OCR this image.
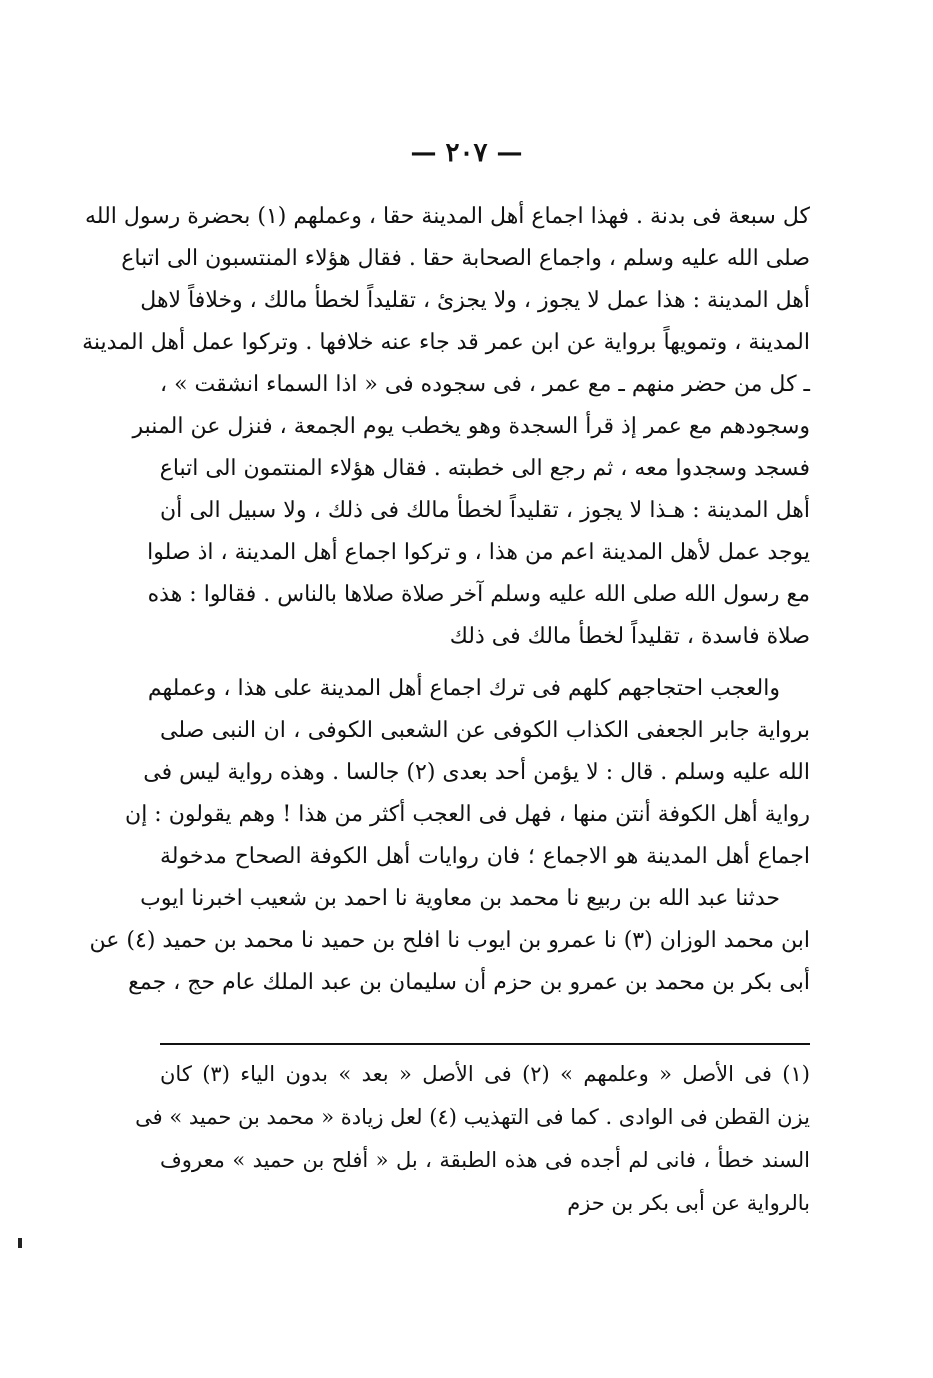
— ٢٠٧ —
كل سبعة فى بدنة . فهذا اجماع أهل المدينة حقا ، وعملهم (١) بحضرة رسول الله
صلى الله عليه وسلم ، واجماع الصحابة حقا . فقال هؤلاء المنتسبون الى اتباع
أهل المدينة : هذا عمل لا يجوز ، ولا يجزئ ، تقليداً لخطأ مالك ، وخلافاً لاهل
المدينة ، وتمويهاً برواية عن ابن عمر قد جاء عنه خلافها . وتركوا عمل أهل المدينة
ـ كل من حضر منهم ـ مع عمر ، فى سجوده فى « اذا السماء انشقت » ،
وسجودهم مع عمر إذ قرأ السجدة وهو يخطب يوم الجمعة ، فنزل عن المنبر
فسجد وسجدوا معه ، ثم رجع الى خطبته . فقال هؤلاء المنتمون الى اتباع
أهل المدينة : هـذا لا يجوز ، تقليداً لخطأ مالك فى ذلك ، ولا سبيل الى أن
يوجد عمل لأهل المدينة اعم من هذا ، و تركوا اجماع أهل المدينة ، اذ صلوا
مع رسول الله صلى الله عليه وسلم آخر صلاة صلاها بالناس . فقالوا : هذه
صلاة فاسدة ، تقليداً لخطأ مالك فى ذلك
والعجب احتجاجهم كلهم فى ترك اجماع أهل المدينة على هذا ، وعملهم
برواية جابر الجعفى الكذاب الكوفى عن الشعبى الكوفى ، ان النبى صلى
الله عليه وسلم . قال : لا يؤمن أحد بعدى (٢) جالسا . وهذه رواية ليس فى
رواية أهل الكوفة أنتن منها ، فهل فى العجب أكثر من هذا ! وهم يقولون : إن
اجماع أهل المدينة هو الاجماع ؛ فان روايات أهل الكوفة الصحاح مدخولة
حدثنا عبد الله بن ربيع نا محمد بن معاوية نا احمد بن شعيب اخبرنا ايوب
ابن محمد الوزان (٣) نا عمرو بن ايوب نا افلح بن حميد نا محمد بن حميد (٤) عن
أبى بكر بن محمد بن عمرو بن حزم أن سليمان بن عبد الملك عام حج ، جمع
(١) فى الأصل « وعلمهم » (٢) فى الأصل « بعد » بدون الياء (٣) كان
يزن القطن فى الوادى . كما فى التهذيب (٤) لعل زيادة « محمد بن حميد » فى
السند خطأ ، فانى لم أجده فى هذه الطبقة ، بل « أفلح بن حميد » معروف
بالرواية عن أبى بكر بن حزم
